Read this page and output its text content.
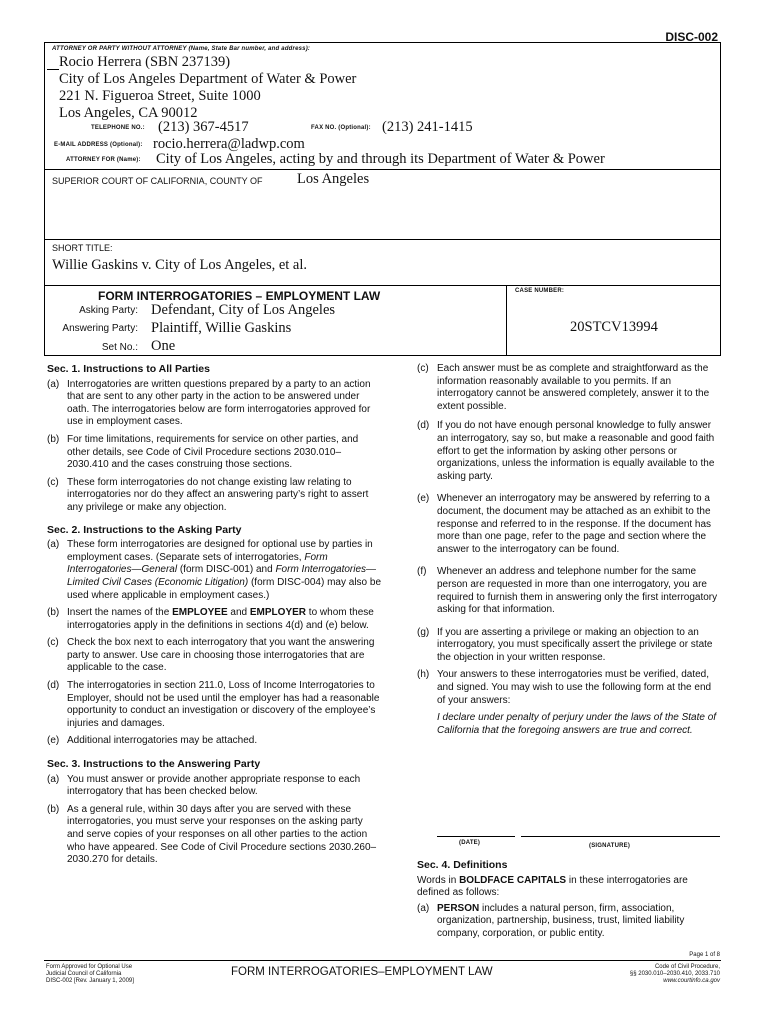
DISC-002
ATTORNEY OR PARTY WITHOUT ATTORNEY (Name, State Bar number, and address):
Rocio Herrera (SBN 237139)
City of Los Angeles Department of Water & Power
221 N. Figueroa Street, Suite 1000
Los Angeles, CA 90012
TELEPHONE NO.: (213) 367-4517	FAX NO. (Optional): (213) 241-1415
E-MAIL ADDRESS (Optional): rocio.herrera@ladwp.com
ATTORNEY FOR (Name): City of Los Angeles, acting by and through its Department of Water & Power
SUPERIOR COURT OF CALIFORNIA, COUNTY OF Los Angeles
SHORT TITLE:
Willie Gaskins v. City of Los Angeles, et al.
FORM INTERROGATORIES – EMPLOYMENT LAW
Asking Party: Defendant, City of Los Angeles
Answering Party: Plaintiff, Willie Gaskins
Set No.: One
CASE NUMBER:
20STCV13994

Sec. 1. Instructions to All Parties

(a) Interrogatories are written questions prepared by a party to an action that are sent to any other party in the action to be answered under oath. The interrogatories below are form interrogatories approved for use in employment cases.

(b) For time limitations, requirements for service on other parties, and other details, see Code of Civil Procedure sections 2030.010–2030.410 and the cases construing those sections.

(c) These form interrogatories do not change existing law relating to interrogatories nor do they affect an answering party’s right to assert any privilege or make any objection.

Sec. 2. Instructions to the Asking Party

(a) These form interrogatories are designed for optional use by parties in employment cases. (Separate sets of interrogatories, Form Interrogatories—General (form DISC-001) and Form Interrogatories—Limited Civil Cases (Economic Litigation) (form DISC-004) may also be used where applicable in employment cases.)

(b) Insert the names of the EMPLOYEE and EMPLOYER to whom these interrogatories apply in the definitions in sections 4(d) and (e) below.

(c) Check the box next to each interrogatory that you want the answering party to answer. Use care in choosing those interrogatories that are applicable to the case.

(d) The interrogatories in section 211.0, Loss of Income Interrogatories to Employer, should not be used until the employer has had a reasonable opportunity to conduct an investigation or discovery of the employee’s injuries and damages.

(e) Additional interrogatories may be attached.

Sec. 3. Instructions to the Answering Party

(a) You must answer or provide another appropriate response to each interrogatory that has been checked below.

(b) As a general rule, within 30 days after you are served with these interrogatories, you must serve your responses on the asking party and serve copies of your responses on all other parties to the action who have appeared. See Code of Civil Procedure sections 2030.260–2030.270 for details.

(c) Each answer must be as complete and straightforward as the information reasonably available to you permits. If an interrogatory cannot be answered completely, answer it to the extent possible.

(d) If you do not have enough personal knowledge to fully answer an interrogatory, say so, but make a reasonable and good faith effort to get the information by asking other persons or organizations, unless the information is equally available to the asking party.

(e) Whenever an interrogatory may be answered by referring to a document, the document may be attached as an exhibit to the response and referred to in the response. If the document has more than one page, refer to the page and section where the answer to the interrogatory can be found.

(f)	Whenever an address and telephone number for the same person are requested in more than one interrogatory, you are required to furnish them in answering only the first interrogatory asking for that information.

(g) If you are asserting a privilege or making an objection to an interrogatory, you must specifically assert the privilege or state the objection in your written response.

(h) Your answers to these interrogatories must be verified, dated, and signed. You may wish to use the following form at the end of your answers:

I declare under penalty of perjury under the laws of the State of California that the foregoing answers are true and correct.

(DATE)	(SIGNATURE)

Sec. 4. Definitions

Words in BOLDFACE CAPITALS in these interrogatories are defined as follows:

(a) PERSON includes a natural person, firm, association, organization, partnership, business, trust, limited liability company, corporation, or public entity.

Page 1 of 8
Form Approved for Optional Use
Judicial Council of California
DISC-002 [Rev. January 1, 2009]
FORM INTERROGATORIES–EMPLOYMENT LAW	Code of Civil Procedure,
§§ 2030.010–2030.410, 2033.710
www.courtinfo.ca.gov
